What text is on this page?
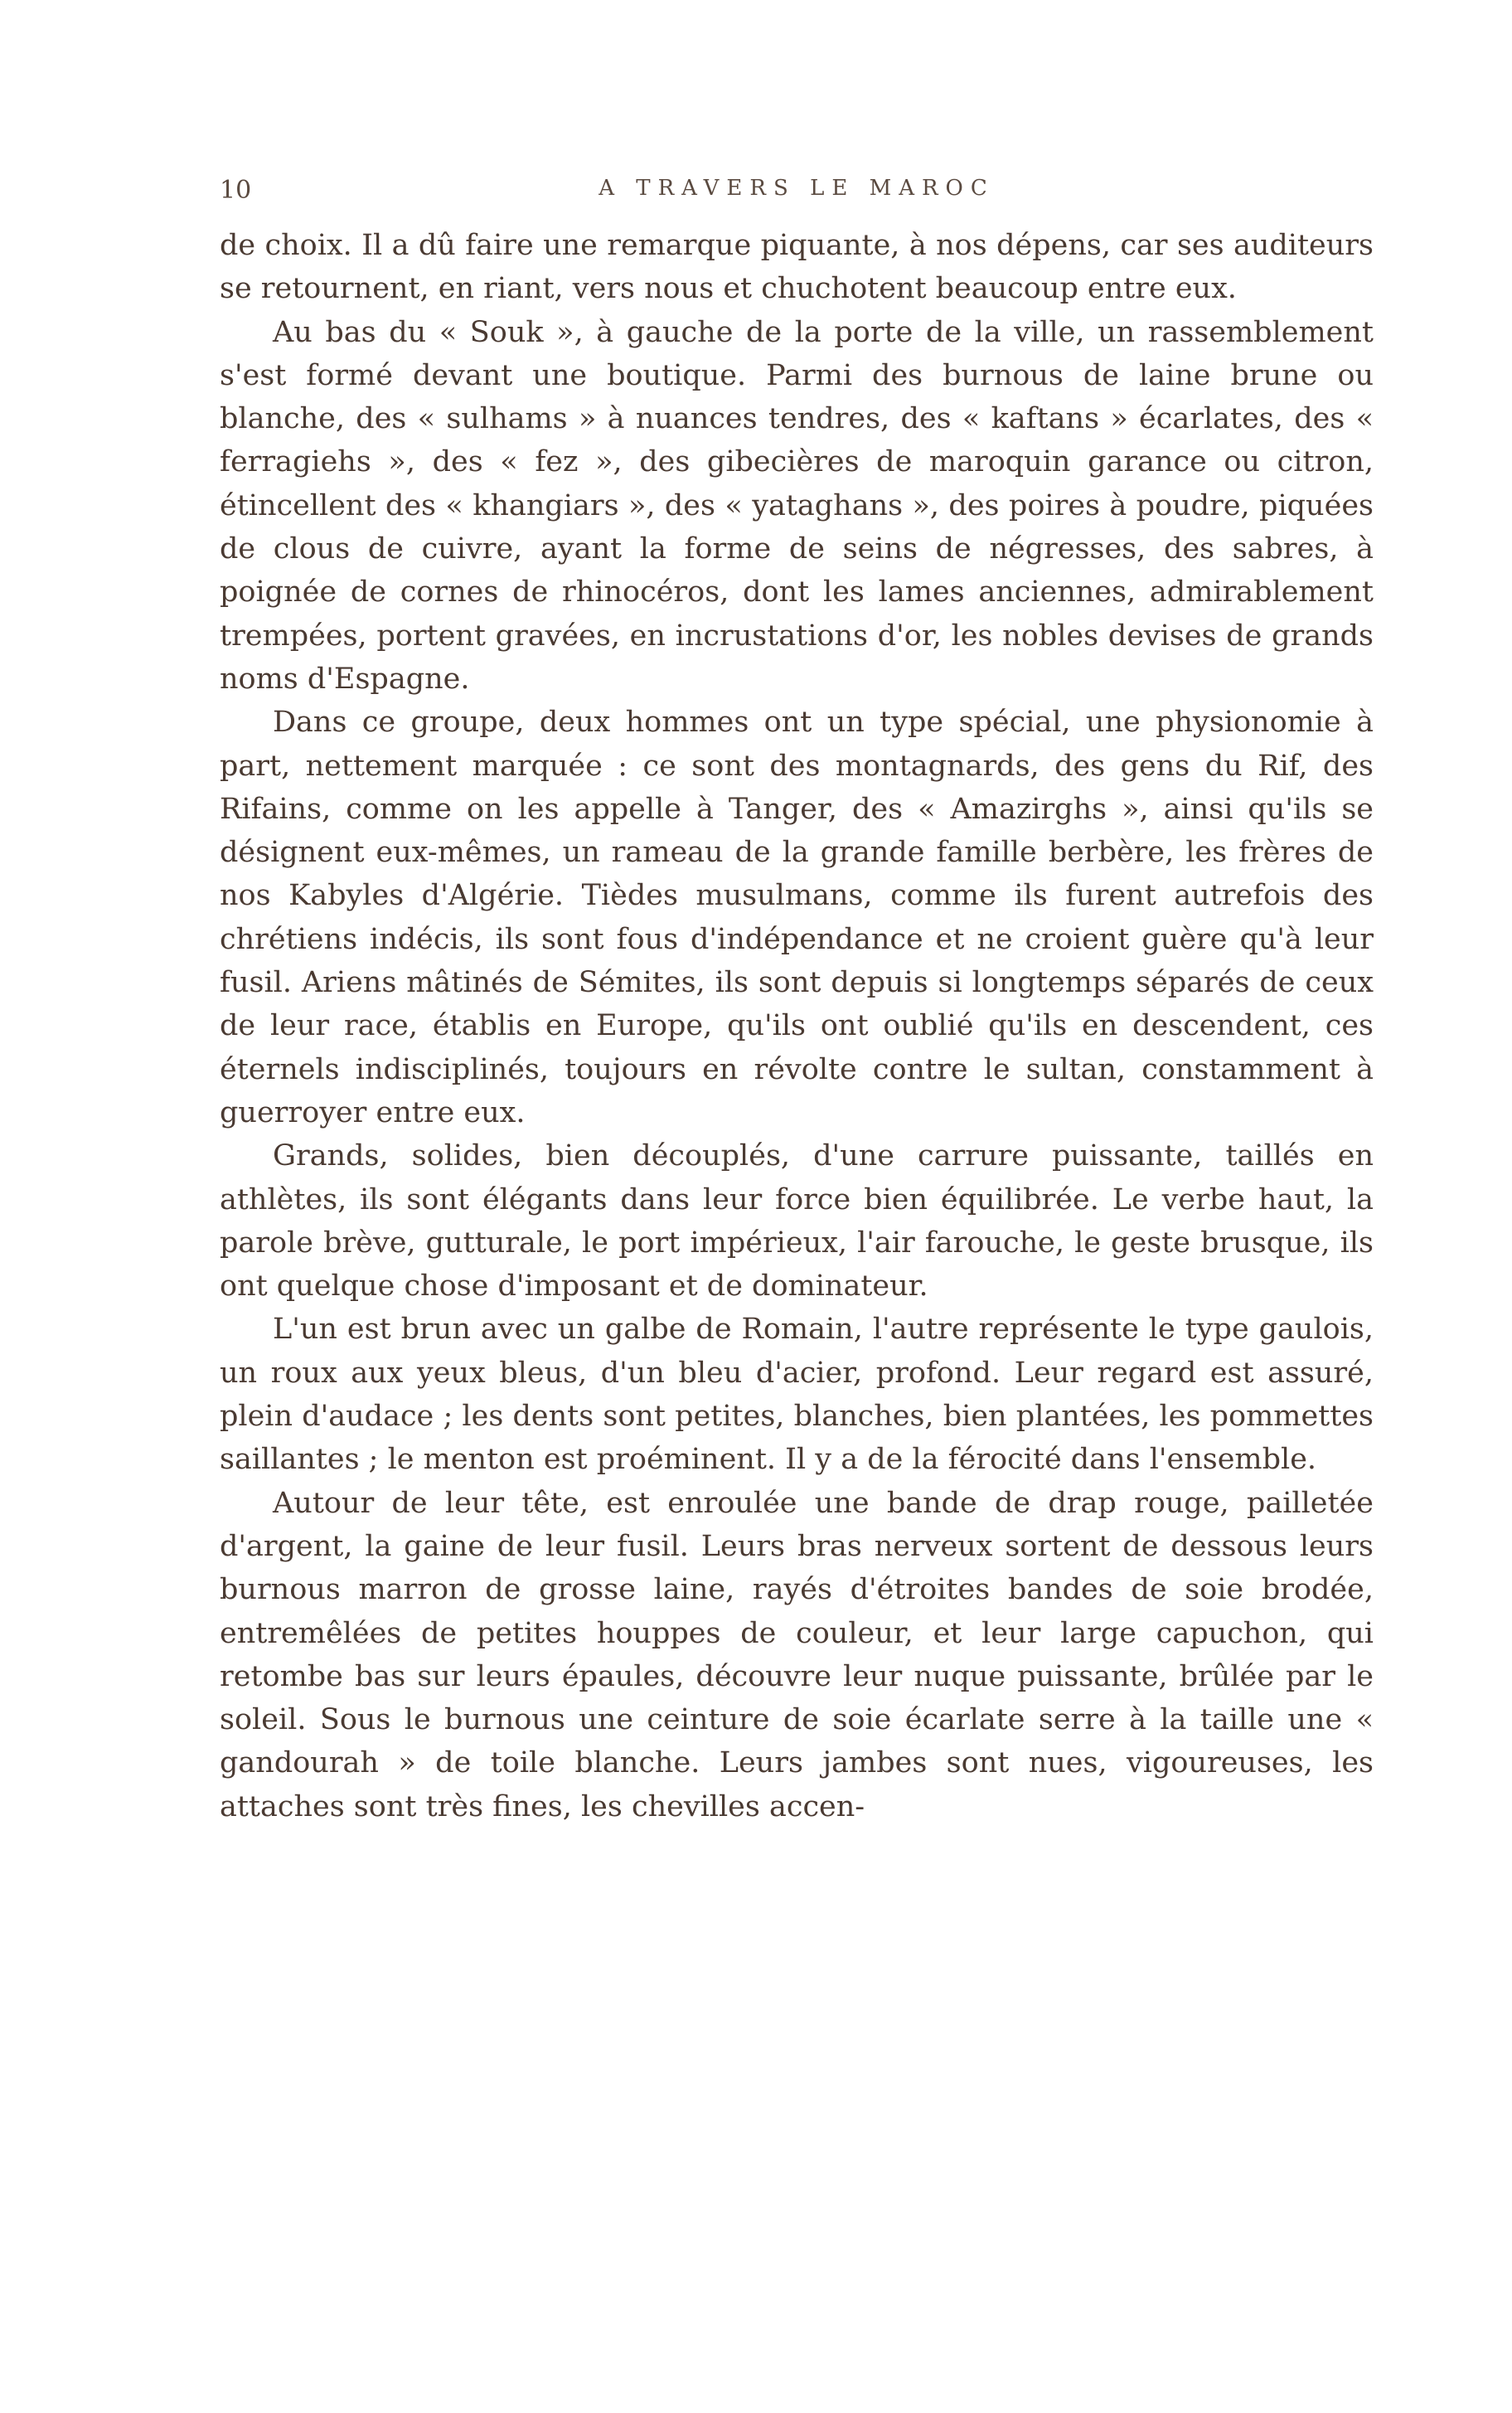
10	A TRAVERS LE MAROC

de choix. Il a dû faire une remarque piquante, à nos dépens, car ses auditeurs se retournent, en riant, vers nous et chuchotent beaucoup entre eux.

Au bas du « Souk », à gauche de la porte de la ville, un rassemblement s'est formé devant une boutique. Parmi des burnous de laine brune ou blanche, des « sulhams » à nuances tendres, des « kaftans » écarlates, des « ferragiehs », des « fez », des gibecières de maroquin garance ou citron, étincellent des « khangiars », des « yataghans », des poires à poudre, piquées de clous de cuivre, ayant la forme de seins de négresses, des sabres, à poignée de cornes de rhinocéros, dont les lames anciennes, admirablement trempées, portent gravées, en incrustations d'or, les nobles devises de grands noms d'Espagne.

Dans ce groupe, deux hommes ont un type spécial, une physionomie à part, nettement marquée : ce sont des montagnards, des gens du Rif, des Rifains, comme on les appelle à Tanger, des « Amazirghs », ainsi qu'ils se désignent eux-mêmes, un rameau de la grande famille berbère, les frères de nos Kabyles d'Algérie. Tièdes musulmans, comme ils furent autrefois des chrétiens indécis, ils sont fous d'indépendance et ne croient guère qu'à leur fusil. Ariens mâtinés de Sémites, ils sont depuis si longtemps séparés de ceux de leur race, établis en Europe, qu'ils ont oublié qu'ils en descendent, ces éternels indisciplinés, toujours en révolte contre le sultan, constamment à guerroyer entre eux.

Grands, solides, bien découplés, d'une carrure puissante, taillés en athlètes, ils sont élégants dans leur force bien équilibrée. Le verbe haut, la parole brève, gutturale, le port impérieux, l'air farouche, le geste brusque, ils ont quelque chose d'imposant et de dominateur.

L'un est brun avec un galbe de Romain, l'autre représente le type gaulois, un roux aux yeux bleus, d'un bleu d'acier, profond. Leur regard est assuré, plein d'audace ; les dents sont petites, blanches, bien plantées, les pommettes saillantes ; le menton est proéminent. Il y a de la férocité dans l'ensemble.

Autour de leur tête, est enroulée une bande de drap rouge, pailletée d'argent, la gaine de leur fusil. Leurs bras nerveux sortent de dessous leurs burnous marron de grosse laine, rayés d'étroites bandes de soie brodée, entremêlées de petites houppes de couleur, et leur large capuchon, qui retombe bas sur leurs épaules, découvre leur nuque puissante, brûlée par le soleil. Sous le burnous une ceinture de soie écarlate serre à la taille une « gandourah » de toile blanche. Leurs jambes sont nues, vigoureuses, les attaches sont très fines, les chevilles accen-
